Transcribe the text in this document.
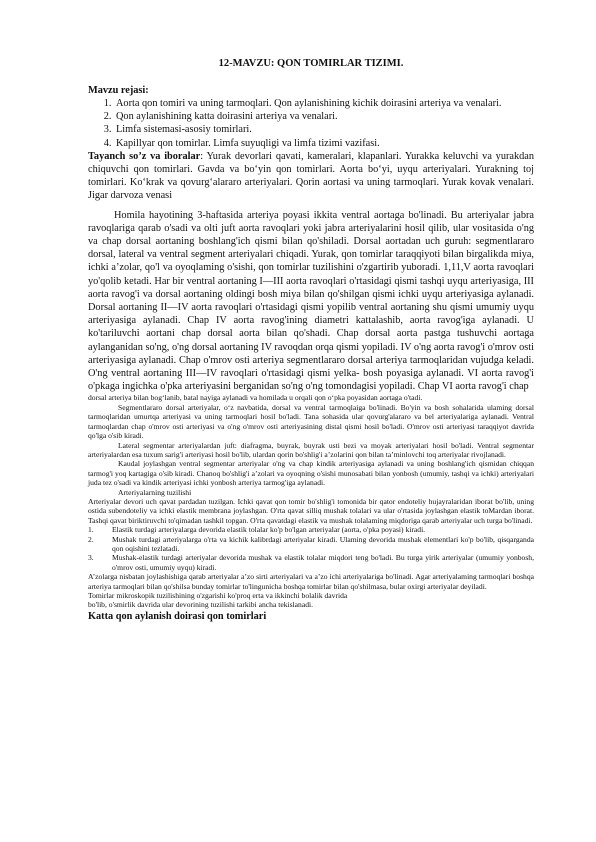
12-MAVZU: QON TOMIRLAR TIZIMI.

Mavzu rejasi:

1. Aorta qon tomiri va uning tarmoqlari. Qon aylanishining kichik doirasini arteriya va venalari.
2. Qon aylanishining katta doirasini arteriya va venalari.
3. Limfa sistemasi-asosiy tomirlari.
4. Kapillyar qon tomirlar. Limfa suyuqligi va limfa tizimi vazifasi.

Tayanch so’z va iboralar: Yurak devorlari qavati, kameralari, klapanlari. Yurakka keluvchi va yurakdan chiquvchi qon tomirlari. Gavda va bo‘yin qon tomirlari. Aorta bo‘yi, uyqu arteriyalari. Yurakning toj tomirlari. Ko‘krak va qovurg‘alararo arteriyalari. Qorin aortasi va uning tarmoqlari. Yurak kovak venalari. Jigar darvoza venasi

Homila hayotining 3-haftasida arteriya poyasi ikkita ventral aortaga bo'linadi. Bu arteriyalar jabra ravoqlariga qarab o'sadi va olti juft aorta ravoqlari yoki jabra arteriyalarini hosil qilib, ular vositasida o'ng va chap dorsal aortaning boshlang'ich qismi bilan qo'shiladi. Dorsal aortadan uch guruh: segmentlararo dorsal, lateral va ventral segment arteriyalari chiqadi. Yurak, qon tomirlar taraqqiyoti bilan birgalikda miya, ichki a’zolar, qo'l va oyoqlaming o'sishi, qon tomirlar tuzilishini o'zgartirib yuboradi. 1,11,V aorta ravoqlari yo'qolib ketadi. Har bir ventral aortaning I—III aorta ravoqlari o'rtasidagi qismi tashqi uyqu arteriyasiga, III aorta ravog'i va dorsal aortaning oldingi bosh miya bilan qo'shilgan qismi ichki uyqu arteriyasiga aylanadi. Dorsal aortaning II—IV aorta ravoqlari o'rtasidagi qismi yopilib ventral aortaning shu qismi umumiy uyqu arteriyasiga aylanadi. Chap IV aorta ravog'ining diametri kattalashib, aorta ravog'iga aylanadi. U ko'tariluvchi aortani chap dorsal aorta bilan qo'shadi. Chap dorsal aorta pastga tushuvchi aortaga aylanganidan so'ng, o'ng dorsal aortaning IV ravoqdan orqa qismi yopiladi. IV o'ng aorta ravog'i o'mrov osti arteriyasiga aylanadi. Chap o'mrov osti arteriya segmentlararo dorsal arteriya tarmoqlaridan vujudga keladi. O'ng ventral aortaning III—IV ravoqlari o'rtasidagi qismi yelka- bosh poyasiga aylanadi. VI aorta ravog'i o'pkaga ingichka o'pka arteriyasini berganidan so'ng o'ng tomondagisi yopiladi. Chap VI aorta ravog'i chap

dorsal arteriya bilan bog‘lanib, batal nayiga aylanadi va homilada u orqali qon o‘pka poyasidan aortaga o'tadi.

Segmentlararo dorsal arteriyalar, o‘z navbatida, dorsal va ventral tarmoqlaiga bo'linadi. Bo'yin va bosh sohalarida ulaming dorsal tarmoqlaridan umurtqa arteriyasi va uning tarmoqlari hosil bo'ladi. Tana sohasida ular qovurg'alararo va bel arteriyalariga aylanadi. Ventral tarmoqlardan chap o'mrov osti arteriyasi va o'ng o'mrov osti arteriyasining distal qismi hosil bo'ladi. O'mrov osti arteriyasi taraqqiyot davrida qo'lga o'sib kiradi.

Lateral segmentar arteriyalardan juft: diafragma, buyrak, buyrak usti bezi va moyak arteriyalari hosil bo'ladi. Ventral segmentar arteriyalardan esa tuxum sarig'i arteriyasi hosil bo'lib, ulardan qorin bo'shlig'i a’zolarini qon bilan ta’minlovchi toq arteriyalar rivojlanadi.

Kaudal joylashgan ventral segmentar arteriyalar o'ng va chap kindik arteriyasiga aylanadi va uning boshlang'ich qismidan chiqqan tarmog'i yoq kartagiga o'sib kiradi. Chanoq bo'shlig'i a’zolari va oyoqning o'sishi munosabati bilan yonbosh (umumiy, tashqi va ichki) arteriyalari juda tez o'sadi va kindik arteriyasi ichki yonbosh arteriya tarmog'iga aylanadi.

Arteriyalarning tuzilishi

Arteriyalar devori uch qavat pardadan tuzilgan. Ichki qavat qon tomir bo'shlig'i tomonida bir qator endoteliy hujayralaridan iborat bo'lib, uning ostida subendoteliy va ichki elastik membrana joylashgan. O'rta qavat silliq mushak tolalari va ular o'rtasida joylashgan elastik toMardan iborat. Tashqi qavat biriktiruvchi to'qimadan tashkil topgan. O'rta qavatdagi elastik va mushak tolalaming miqdoriga qarab arteriyalar uch turga bo'linadi.

1.	Elastik turdagi arteriyalarga devorida elastik tolalar ko'p bo'lgan arteriyalar (aorta, o'pka poyasi) kiradi.
2.	Mushak turdagi arteriyalarga o'rta va kichik kalibrdagi arteriyalar kiradi. Ulaming devorida mushak elementlari ko'p bo'lib, qisqarganda qon oqishini tezlatadi.
3.	Mushak-elastik turdagi arteriyalar devorida mushak va elastik tolalar miqdori teng bo'ladi. Bu turga yirik arteriyalar (umumiy yonbosh, o'mrov osti, umumiy uyqu) kiradi.

A’zolarga nisbatan joylashishiga qarab arteriyalar a’zo sirti arteriyalari va a’zo ichi arteriyalariga bo'linadi. Agar arteriyalaming tarmoqlari boshqa arteriya tarmoqlari bilan qo'shilsa bunday tomirlar to'lingunicha boshqa tomirlar bilan qo'shilmasa, bular oxirgi arteriyalar deyiladi.

Tomirlar mikroskopik tuzilishining o'zgarishi ko'proq erta va ikkinchi bolalik davrida

bo'lib, o'smirlik davrida ular devorining tuzilishi tarkibi ancha tekislanadi.

Katta qon aylanish doirasi qon tomirlari
